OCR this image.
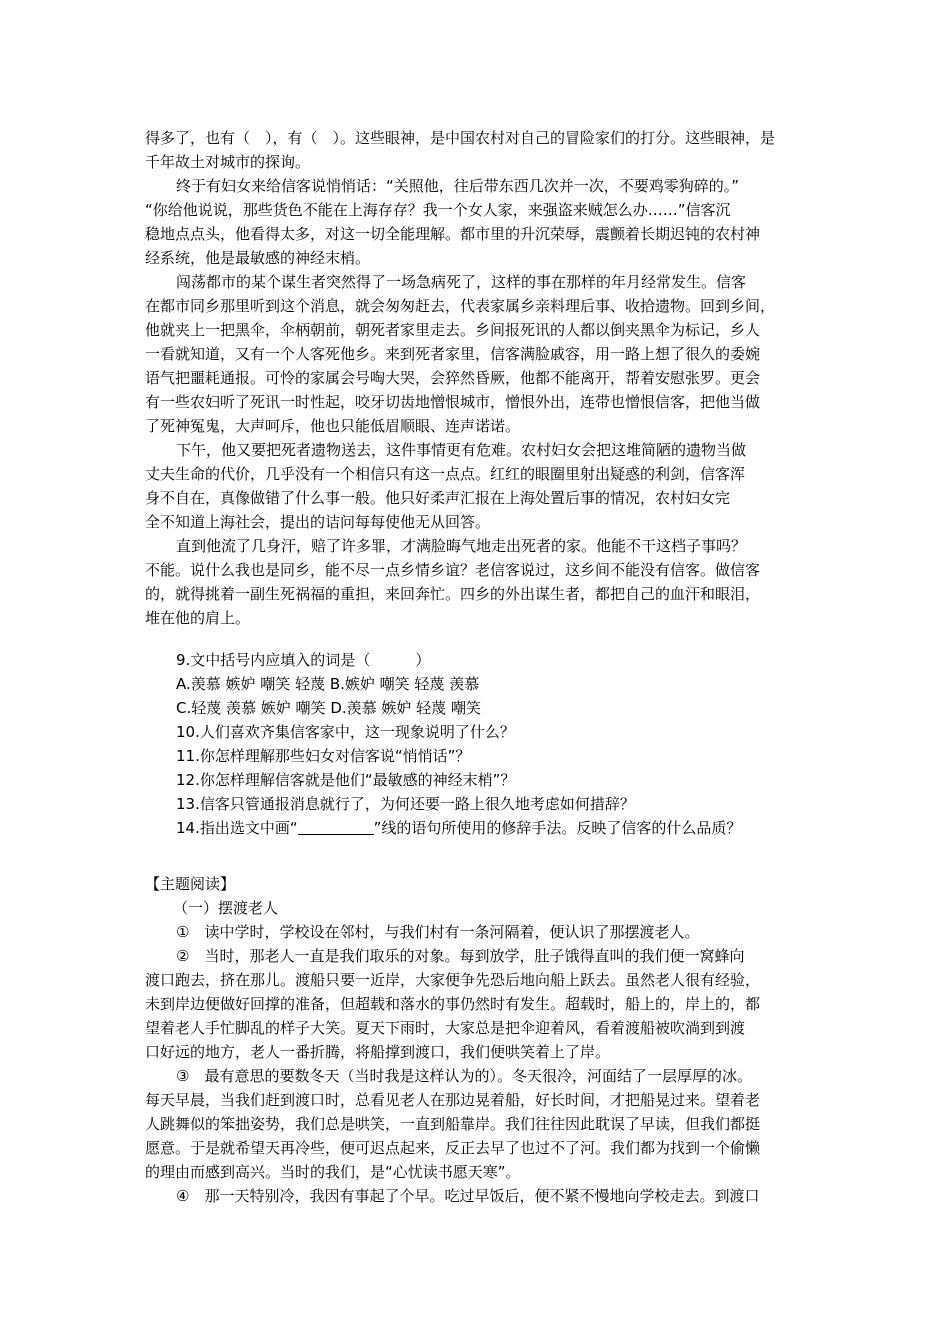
得多了，也有（　），有（　）。这些眼神，是中国农村对自己的冒险家们的打分。这些眼神，是
千年故土对城市的探询。
终于有妇女来给信客说悄悄话：“关照他，往后带东西几次并一次，不要鸡零狗碎的。”
“你给他说说，那些货色不能在上海存存？我一个女人家，来强盗来贼怎么办……”信客沉
稳地点点头，他看得太多，对这一切全能理解。都市里的升沉荣辱，震颤着长期迟钝的农村神
经系统，他是最敏感的神经末梢。
闯荡都市的某个谋生者突然得了一场急病死了，这样的事在那样的年月经常发生。信客
在都市同乡那里听到这个消息，就会匆匆赶去，代表家属乡亲料理后事、收拾遗物。回到乡间，
他就夹上一把黑伞，伞柄朝前，朝死者家里走去。乡间报死讯的人都以倒夹黑伞为标记，乡人
一看就知道，又有一个人客死他乡。来到死者家里，信客满脸戚容，用一路上想了很久的委婉
语气把噩耗通报。可怜的家属会号啕大哭，会猝然昏厥，他都不能离开，帮着安慰张罗。更会
有一些农妇听了死讯一时性起，咬牙切齿地憎恨城市，憎恨外出，连带也憎恨信客，把他当做
了死神冤鬼，大声呵斥，他也只能低眉顺眼、连声诺诺。
下午，他又要把死者遗物送去，这件事情更有危难。农村妇女会把这堆简陋的遗物当做
丈夫生命的代价，几乎没有一个相信只有这一点点。红红的眼圈里射出疑惑的利剑，信客浑
身不自在，真像做错了什么事一般。他只好柔声汇报在上海处置后事的情况，农村妇女完
全不知道上海社会，提出的诘问每每使他无从回答。
直到他流了几身汗，赔了许多罪，才满脸晦气地走出死者的家。他能不干这档子事吗？
不能。说什么我也是同乡，能不尽一点乡情乡谊？老信客说过，这乡间不能没有信客。做信客
的，就得挑着一副生死祸福的重担，来回奔忙。四乡的外出谋生者，都把自己的血汗和眼泪，
堆在他的肩上。
9.文中括号内应填入的词是（　　　）
A.羡慕 嫉妒 嘲笑 轻蔑 B.嫉妒 嘲笑 轻蔑 羡慕
C.轻蔑 羡慕 嫉妒 嘲笑 D.羡慕 嫉妒 轻蔑 嘲笑
10.人们喜欢齐集信客家中，这一现象说明了什么？
11.你怎样理解那些妇女对信客说“悄悄话”？
12.你怎样理解信客就是他们“最敏感的神经末梢”？
13.信客只管通报消息就行了，为何还要一路上很久地考虑如何措辞？
14.指出选文中画“	”线的语句所使用的修辞手法。反映了信客的什么品质？
【主题阅读】
（一）摆渡老人
①　读中学时，学校设在邻村，与我们村有一条河隔着，便认识了那摆渡老人。
②　当时，那老人一直是我们取乐的对象。每到放学，肚子饿得直叫的我们便一窝蜂向
渡口跑去，挤在那儿。渡船只要一近岸，大家便争先恐后地向船上跃去。虽然老人很有经验，
未到岸边便做好回撑的准备，但超载和落水的事仍然时有发生。超载时，船上的，岸上的，都
望着老人手忙脚乱的样子大笑。夏天下雨时，大家总是把伞迎着风，看着渡船被吹淌到到渡
口好远的地方，老人一番折腾，将船撑到渡口，我们便哄笑着上了岸。
③　最有意思的要数冬天（当时我是这样认为的）。冬天很冷，河面结了一层厚厚的冰。
每天早晨，当我们赶到渡口时，总看见老人在那边晃着船，好长时间，才把船晃过来。望着老
人跳舞似的笨拙姿势，我们总是哄笑，一直到船靠岸。我们往往因此耽误了早读，但我们都挺
愿意。于是就希望天再冷些，便可迟点起来，反正去早了也过不了河。我们都为找到一个偷懒
的理由而感到高兴。当时的我们，是“心忧读书愿天寒”。
④　那一天特别冷，我因有事起了个早。吃过早饭后，便不紧不慢地向学校走去。到渡口
